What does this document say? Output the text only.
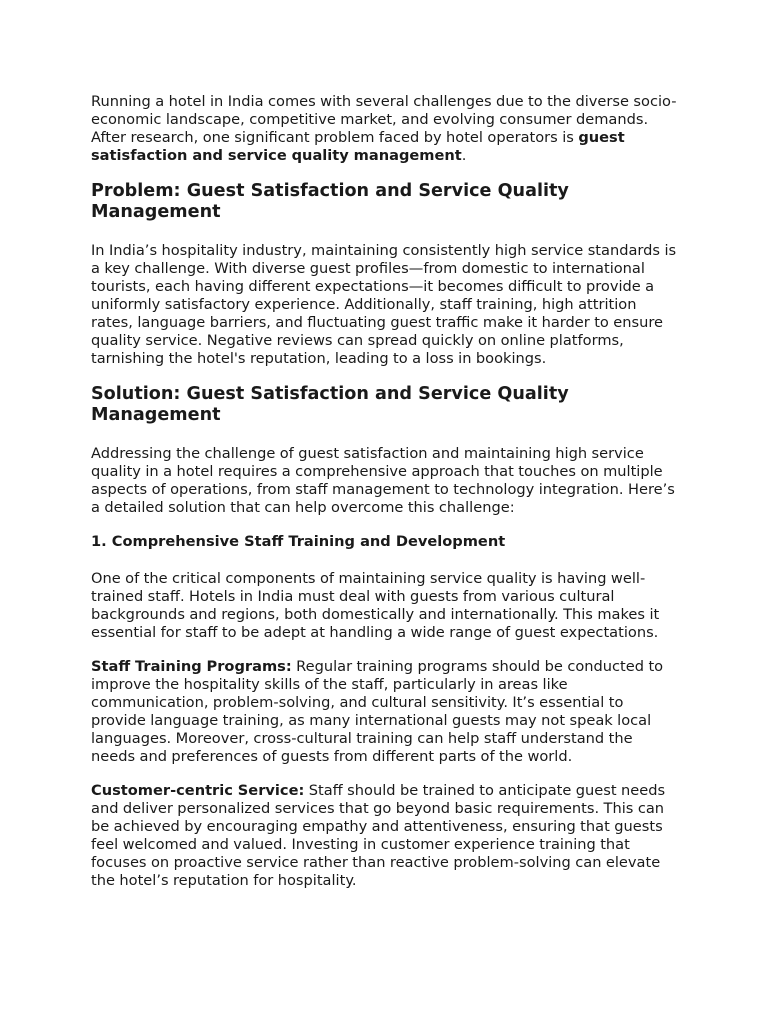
Running a hotel in India comes with several challenges due to the diverse socio-economic landscape, competitive market, and evolving consumer demands. After research, one significant problem faced by hotel operators is guest satisfaction and service quality management.

Problem: Guest Satisfaction and Service Quality Management

In India’s hospitality industry, maintaining consistently high service standards is a key challenge. With diverse guest profiles—from domestic to international tourists, each having different expectations—it becomes difficult to provide a uniformly satisfactory experience. Additionally, staff training, high attrition rates, language barriers, and fluctuating guest traffic make it harder to ensure quality service. Negative reviews can spread quickly on online platforms, tarnishing the hotel's reputation, leading to a loss in bookings.

Solution: Guest Satisfaction and Service Quality Management

Addressing the challenge of guest satisfaction and maintaining high service quality in a hotel requires a comprehensive approach that touches on multiple aspects of operations, from staff management to technology integration. Here’s a detailed solution that can help overcome this challenge:

1. Comprehensive Staff Training and Development

One of the critical components of maintaining service quality is having well-trained staff. Hotels in India must deal with guests from various cultural backgrounds and regions, both domestically and internationally. This makes it essential for staff to be adept at handling a wide range of guest expectations.

Staff Training Programs: Regular training programs should be conducted to improve the hospitality skills of the staff, particularly in areas like communication, problem-solving, and cultural sensitivity. It’s essential to provide language training, as many international guests may not speak local languages. Moreover, cross-cultural training can help staff understand the needs and preferences of guests from different parts of the world.

Customer-centric Service: Staff should be trained to anticipate guest needs and deliver personalized services that go beyond basic requirements. This can be achieved by encouraging empathy and attentiveness, ensuring that guests feel welcomed and valued. Investing in customer experience training that focuses on proactive service rather than reactive problem-solving can elevate the hotel’s reputation for hospitality.
